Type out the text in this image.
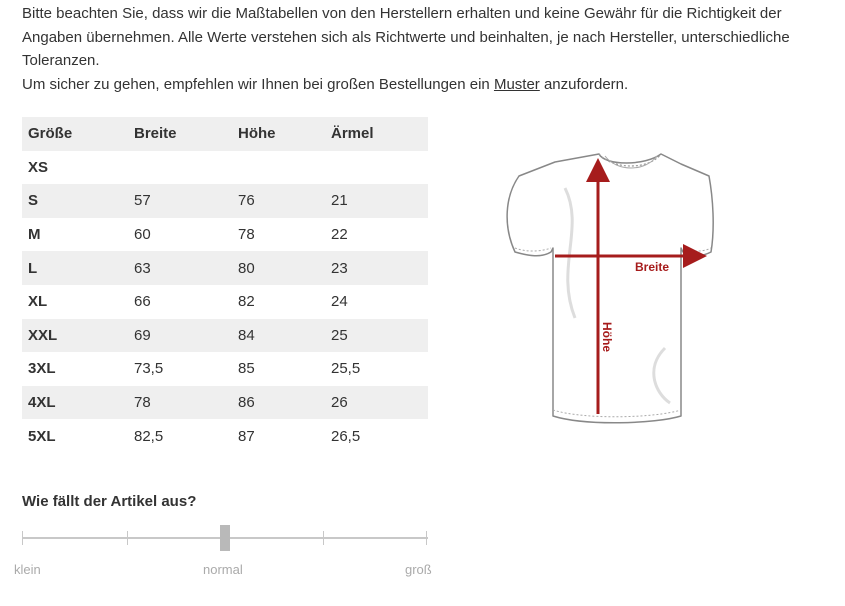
Bitte beachten Sie, dass wir die Maßtabellen von den Herstellern erhalten und keine Gewähr für die Richtigkeit der Angaben übernehmen. Alle Werte verstehen sich als Richtwerte und beinhalten, je nach Hersteller, unterschiedliche Toleranzen.

Um sicher zu gehen, empfehlen wir Ihnen bei großen Bestellungen ein Muster anzufordern.

Größe	Breite	Höhe	Ärmel
XS			
S	57	76	21
M	60	78	22
L	63	80	23
XL	66	82	24
XXL	69	84	25
3XL	73,5	85	25,5
4XL	78	86	26
5XL	82,5	87	26,5
Breite
Höhe
Wie fällt der Artikel aus?
klein	normal	groß
